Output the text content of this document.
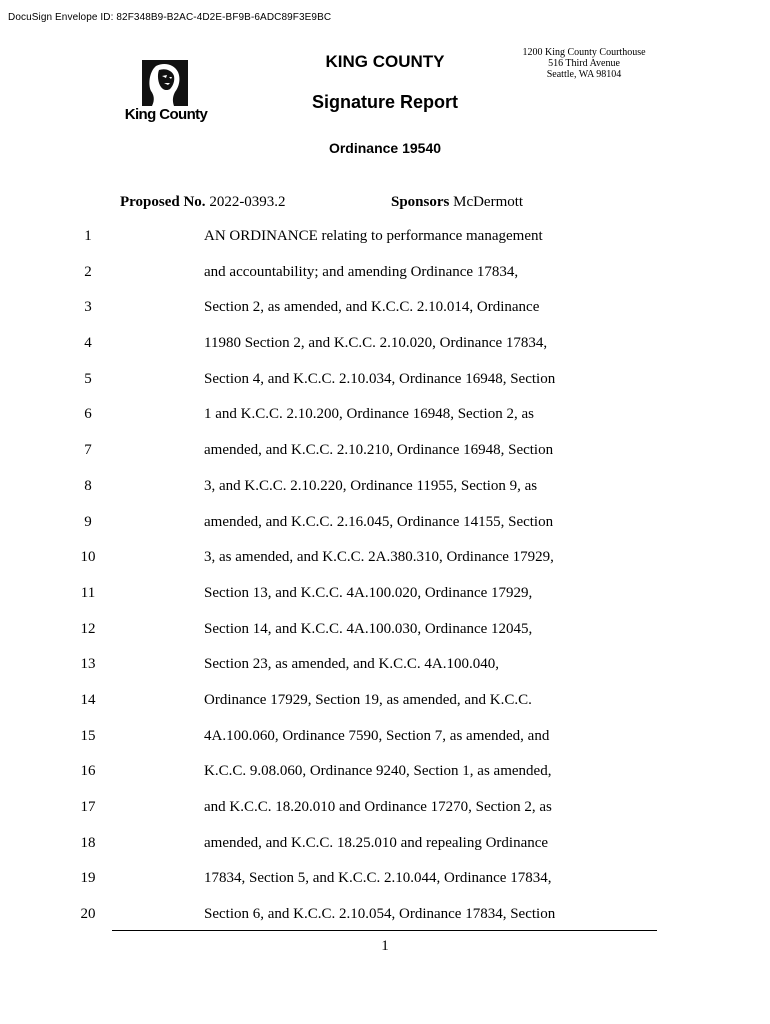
DocuSign Envelope ID: 82F348B9-B2AC-4D2E-BF9B-6ADC89F3E9BC
King County
KING COUNTY	1200 King County Courthouse
516 Third Avenue
Seattle, WA 98104
Signature Report
Ordinance 19540
Proposed No. 2022-0393.2	Sponsors McDermott
1	AN ORDINANCE relating to performance management
2	and accountability; and amending Ordinance 17834,
3	Section 2, as amended, and K.C.C. 2.10.014, Ordinance
4	11980 Section 2, and K.C.C. 2.10.020, Ordinance 17834,
5	Section 4, and K.C.C. 2.10.034, Ordinance 16948, Section
6	1 and K.C.C. 2.10.200, Ordinance 16948, Section 2, as
7	amended, and K.C.C. 2.10.210, Ordinance 16948, Section
8	3, and K.C.C. 2.10.220, Ordinance 11955, Section 9, as
9	amended, and K.C.C. 2.16.045, Ordinance 14155, Section
10	3, as amended, and K.C.C. 2A.380.310, Ordinance 17929,
11	Section 13, and K.C.C. 4A.100.020, Ordinance 17929,
12	Section 14, and K.C.C. 4A.100.030, Ordinance 12045,
13	Section 23, as amended, and K.C.C. 4A.100.040,
14	Ordinance 17929, Section 19, as amended, and K.C.C.
15	4A.100.060, Ordinance 7590, Section 7, as amended, and
16	K.C.C. 9.08.060, Ordinance 9240, Section 1, as amended,
17	and K.C.C. 18.20.010 and Ordinance 17270, Section 2, as
18	amended, and K.C.C. 18.25.010 and repealing Ordinance
19	17834, Section 5, and K.C.C. 2.10.044, Ordinance 17834,
20	Section 6, and K.C.C. 2.10.054, Ordinance 17834, Section
1
